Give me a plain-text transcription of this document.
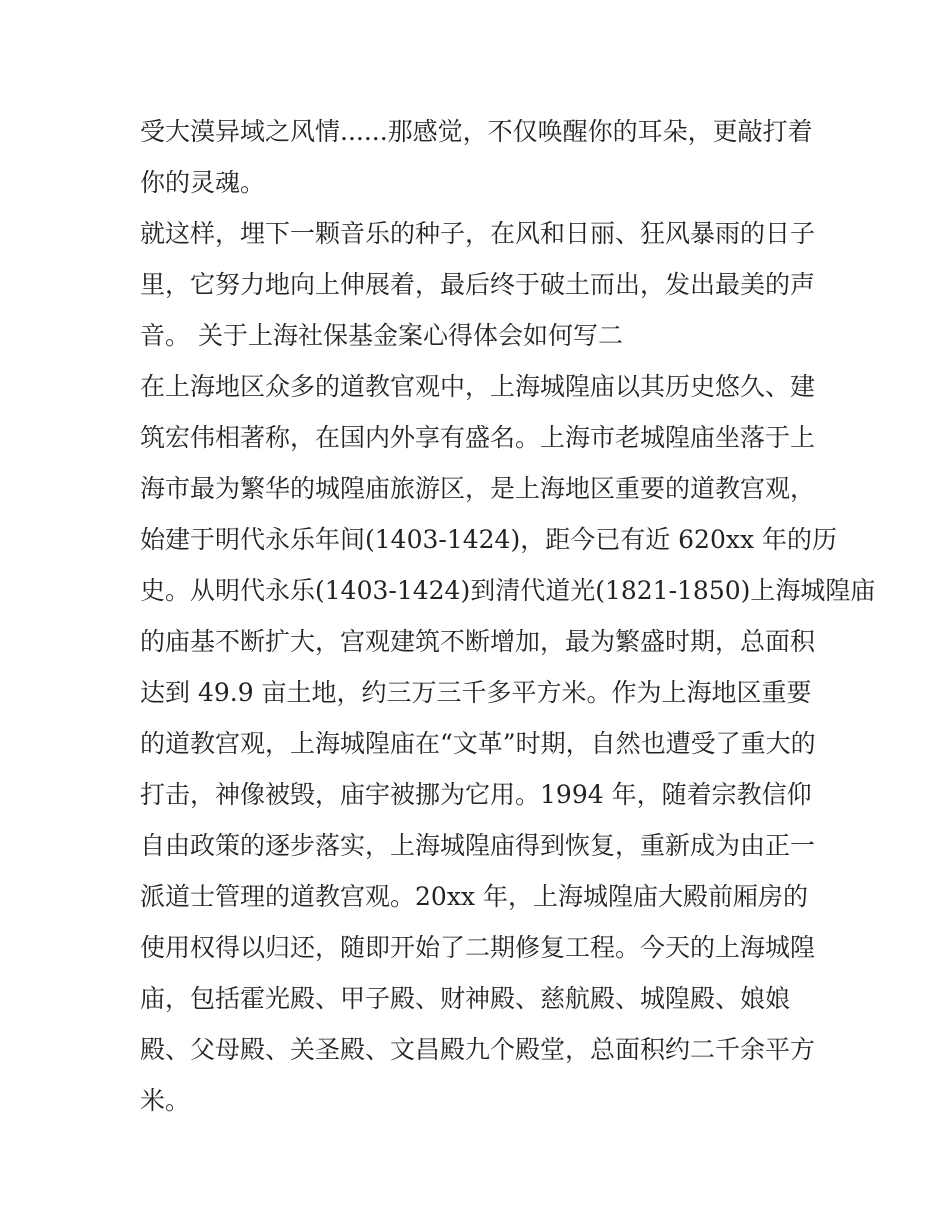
受大漠异域之风情......那感觉，不仅唤醒你的耳朵，更敲打着
你的灵魂。
就这样，埋下一颗音乐的种子，在风和日丽、狂风暴雨的日子
里，它努力地向上伸展着，最后终于破土而出，发出最美的声
音。 关于上海社保基金案心得体会如何写二
在上海地区众多的道教官观中，上海城隍庙以其历史悠久、建
筑宏伟相著称，在国内外享有盛名。上海市老城隍庙坐落于上
海市最为繁华的城隍庙旅游区，是上海地区重要的道教宫观，
始建于明代永乐年间(1403-1424)，距今已有近 620xx 年的历
史。从明代永乐(1403-1424)到清代道光(1821-1850)上海城隍庙
的庙基不断扩大，宫观建筑不断增加，最为繁盛时期，总面积
达到 49.9 亩土地，约三万三千多平方米。作为上海地区重要
的道教宫观，上海城隍庙在“文革”时期，自然也遭受了重大的
打击，神像被毁，庙宇被挪为它用。1994 年，随着宗教信仰
自由政策的逐步落实，上海城隍庙得到恢复，重新成为由正一
派道士管理的道教宫观。20xx 年，上海城隍庙大殿前厢房的
使用权得以归还，随即开始了二期修复工程。今天的上海城隍
庙，包括霍光殿、甲子殿、财神殿、慈航殿、城隍殿、娘娘
殿、父母殿、关圣殿、文昌殿九个殿堂，总面积约二千余平方
米。
